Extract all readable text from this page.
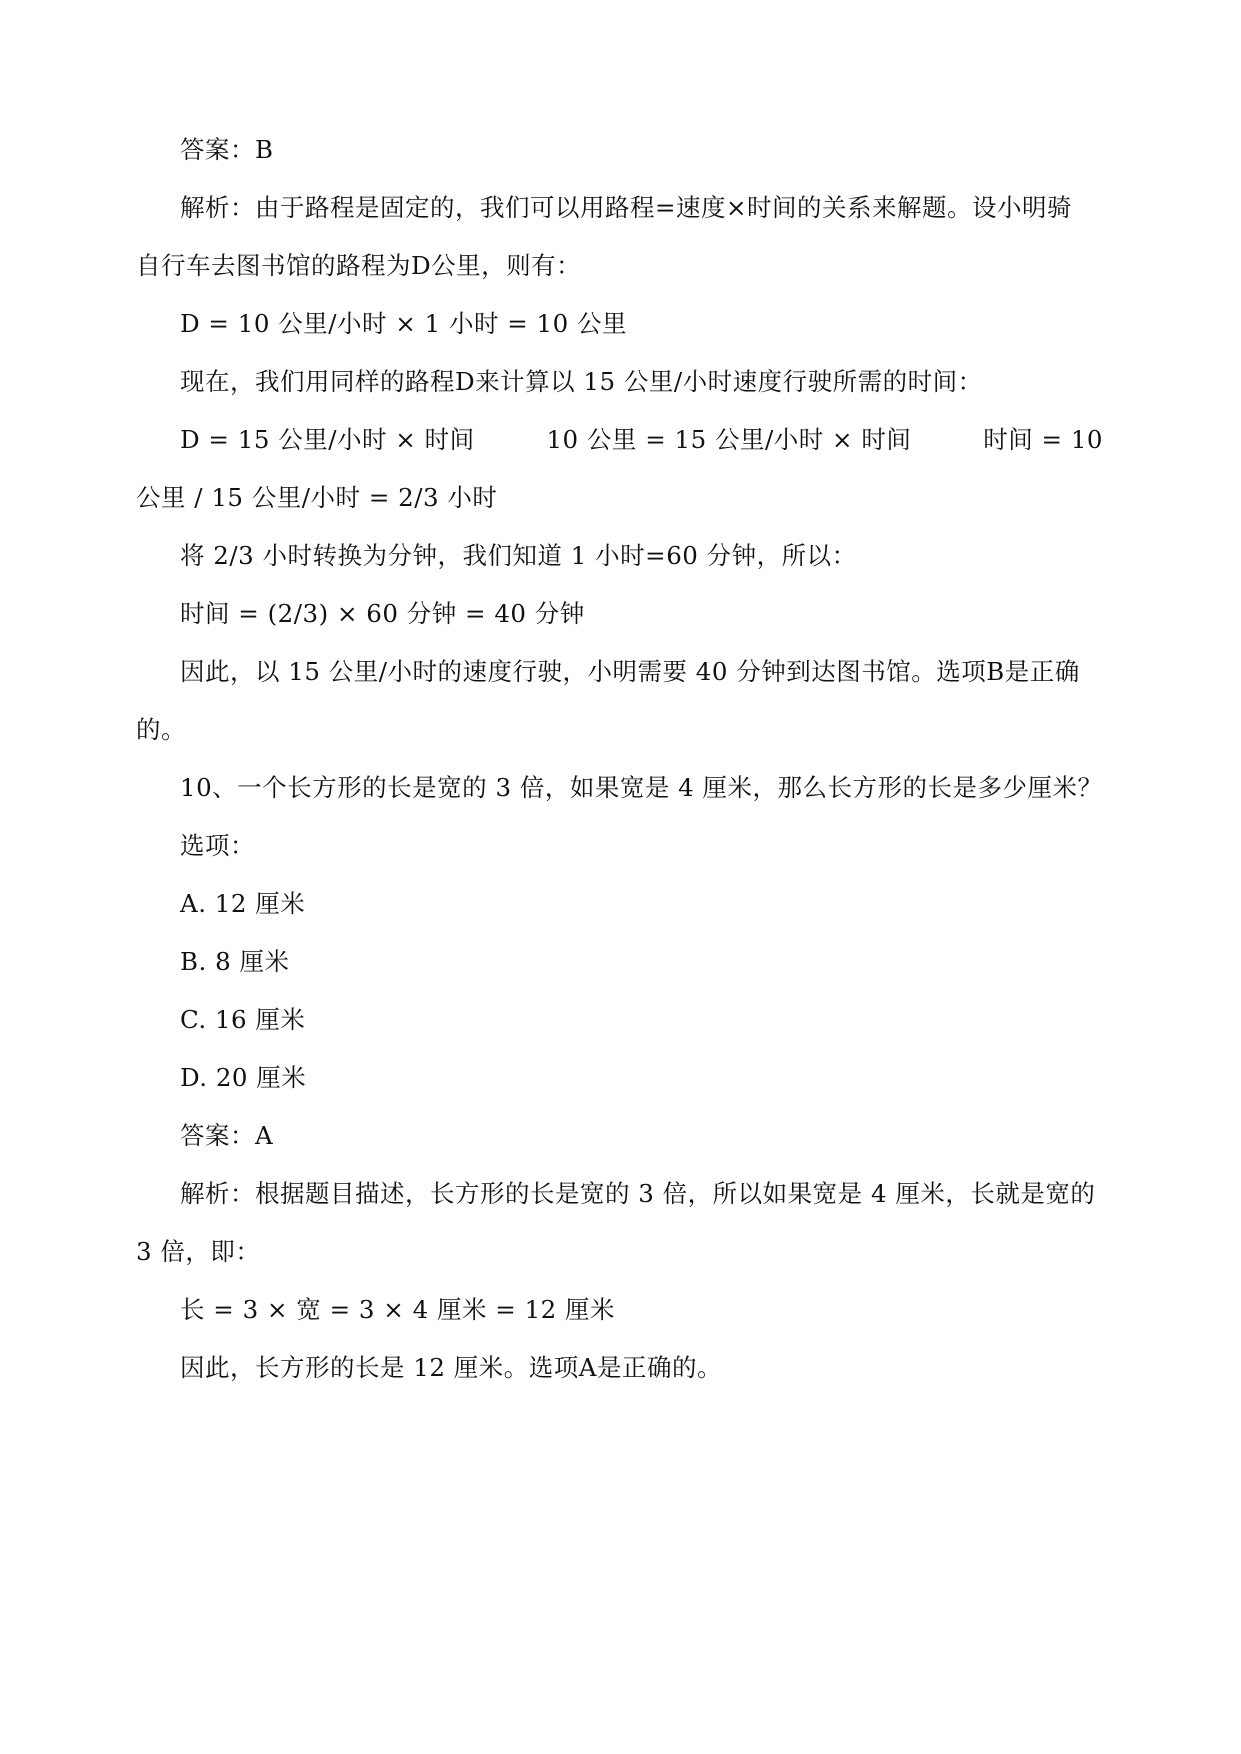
答案：B

解析：由于路程是固定的，我们可以用路程=速度×时间的关系来解题。设小明骑

自行车去图书馆的路程为D公里，则有：

D = 10 公里/小时 × 1 小时 = 10 公里

现在，我们用同样的路程D来计算以 15 公里/小时速度行驶所需的时间：

D = 15 公里/小时 × 时间	10 公里 = 15 公里/小时 × 时间	时间 = 10

公里 / 15 公里/小时 = 2/3 小时

将 2/3 小时转换为分钟，我们知道 1 小时=60 分钟，所以：

时间 = (2/3) × 60 分钟 = 40 分钟

因此，以 15 公里/小时的速度行驶，小明需要 40 分钟到达图书馆。选项B是正确

的。

10、一个长方形的长是宽的 3 倍，如果宽是 4 厘米，那么长方形的长是多少厘米？

选项：

A. 12 厘米

B. 8 厘米

C. 16 厘米

D. 20 厘米

答案：A

解析：根据题目描述，长方形的长是宽的 3 倍，所以如果宽是 4 厘米，长就是宽的

3 倍，即：

长 = 3 × 宽 = 3 × 4 厘米 = 12 厘米

因此，长方形的长是 12 厘米。选项A是正确的。
